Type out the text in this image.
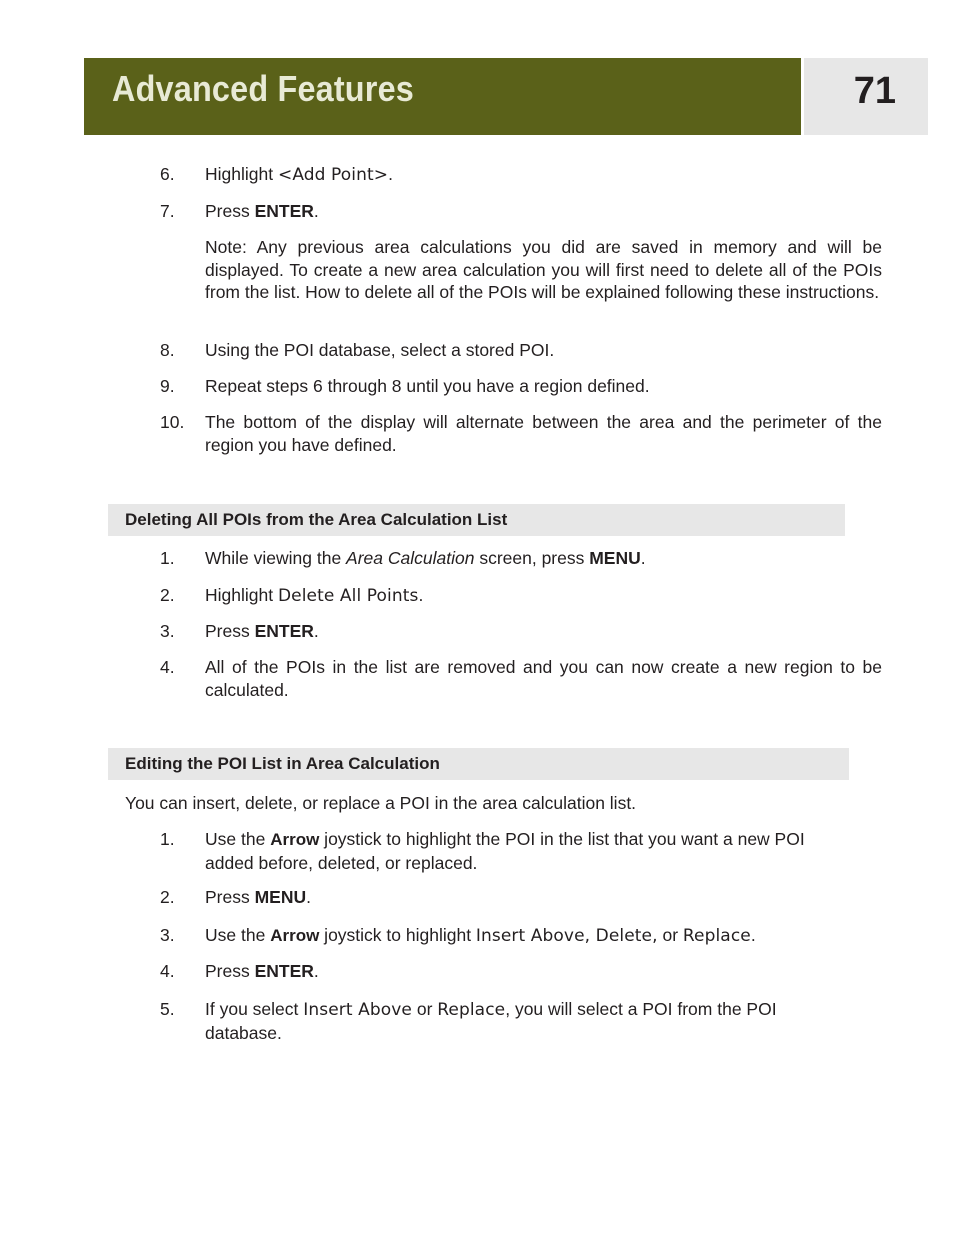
Advanced Features	71
6. Highlight <Add Point>.
7. Press ENTER.
Note: Any previous area calculations you did are saved in memory and will be displayed. To create a new area calculation you will first need to delete all of the POIs from the list. How to delete all of the POIs will be explained following these instructions.
8. Using the POI database, select a stored POI.
9. Repeat steps 6 through 8 until you have a region defined.
10. The bottom of the display will alternate between the area and the perimeter of the region you have defined.
Deleting All POIs from the Area Calculation List
1. While viewing the Area Calculation screen, press MENU.
2. Highlight Delete All Points.
3. Press ENTER.
4. All of the POIs in the list are removed and you can now create a new region to be calculated.
Editing the POI List in Area Calculation
You can insert, delete, or replace a POI in the area calculation list.
1. Use the Arrow joystick to highlight the POI in the list that you want a new POI added before, deleted, or replaced.
2. Press MENU.
3. Use the Arrow joystick to highlight Insert Above, Delete, or Replace.
4. Press ENTER.
5. If you select Insert Above or Replace, you will select a POI from the POI database.
